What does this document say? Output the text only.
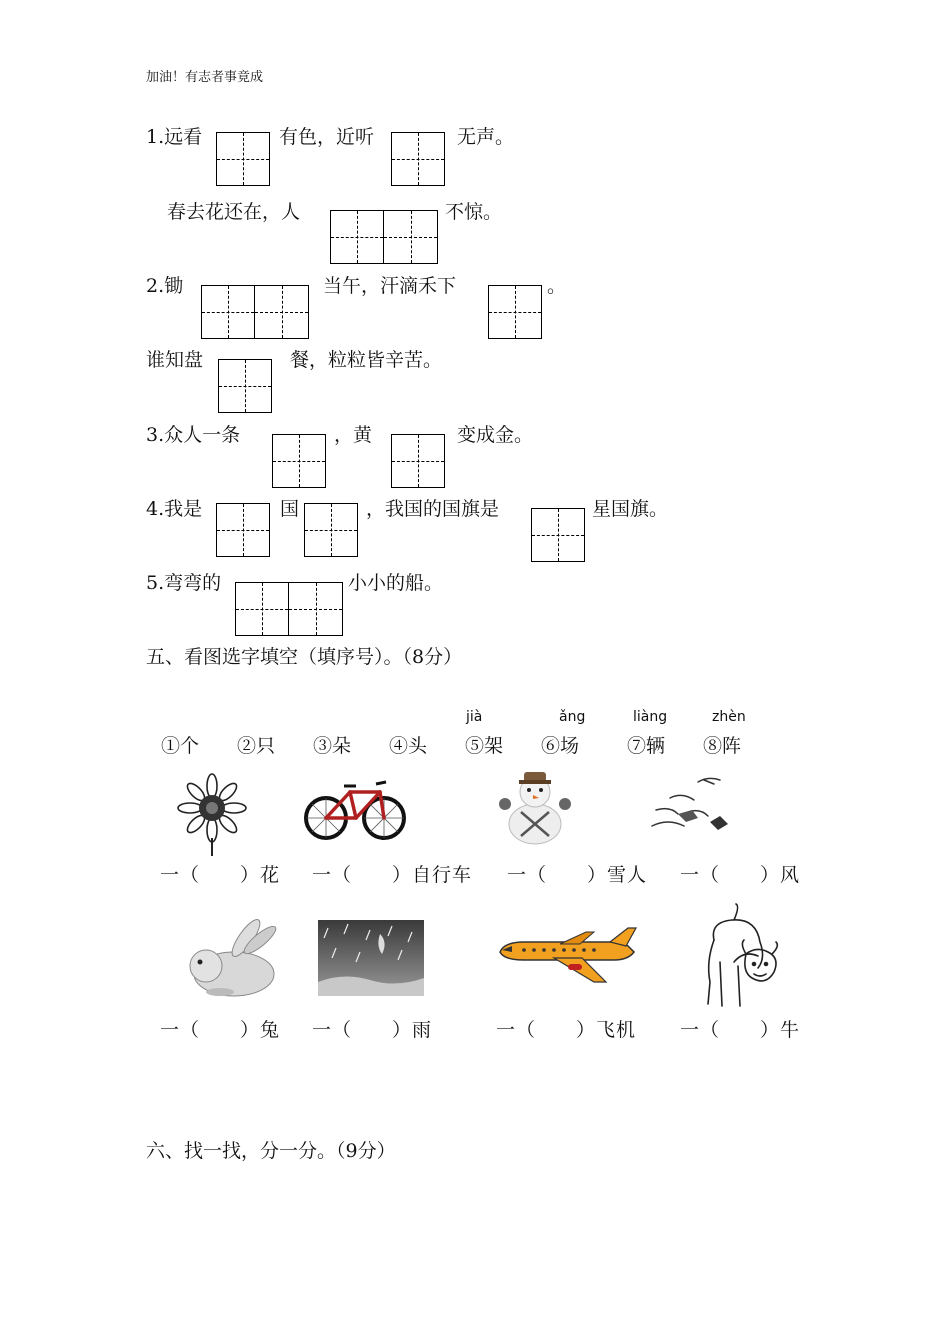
加油！有志者事竟成
1.远看	有色，近听	无声。
春去花还在，人	不惊。
2.锄	当午，汗滴禾下	。
谁知盘	餐，粒粒皆辛苦。
3.众人一条	，黄	变成金。
4.我是	国	，我国的国旗是	星国旗。
5.弯弯的	小小的船。
五、看图选字填空（填序号）。（8分）
jià	ǎng	liàng	zhèn
①个 ②只 ③朵 ④头 ⑤架 ⑥场	⑦辆 ⑧阵
一（　　）花 一（　　）自行车 一（　　）雪人 一（　　）风
一（　　）兔 一（　　）雨	一（　　）飞机 一（　　）牛
六、找一找，分一分。（9分）
